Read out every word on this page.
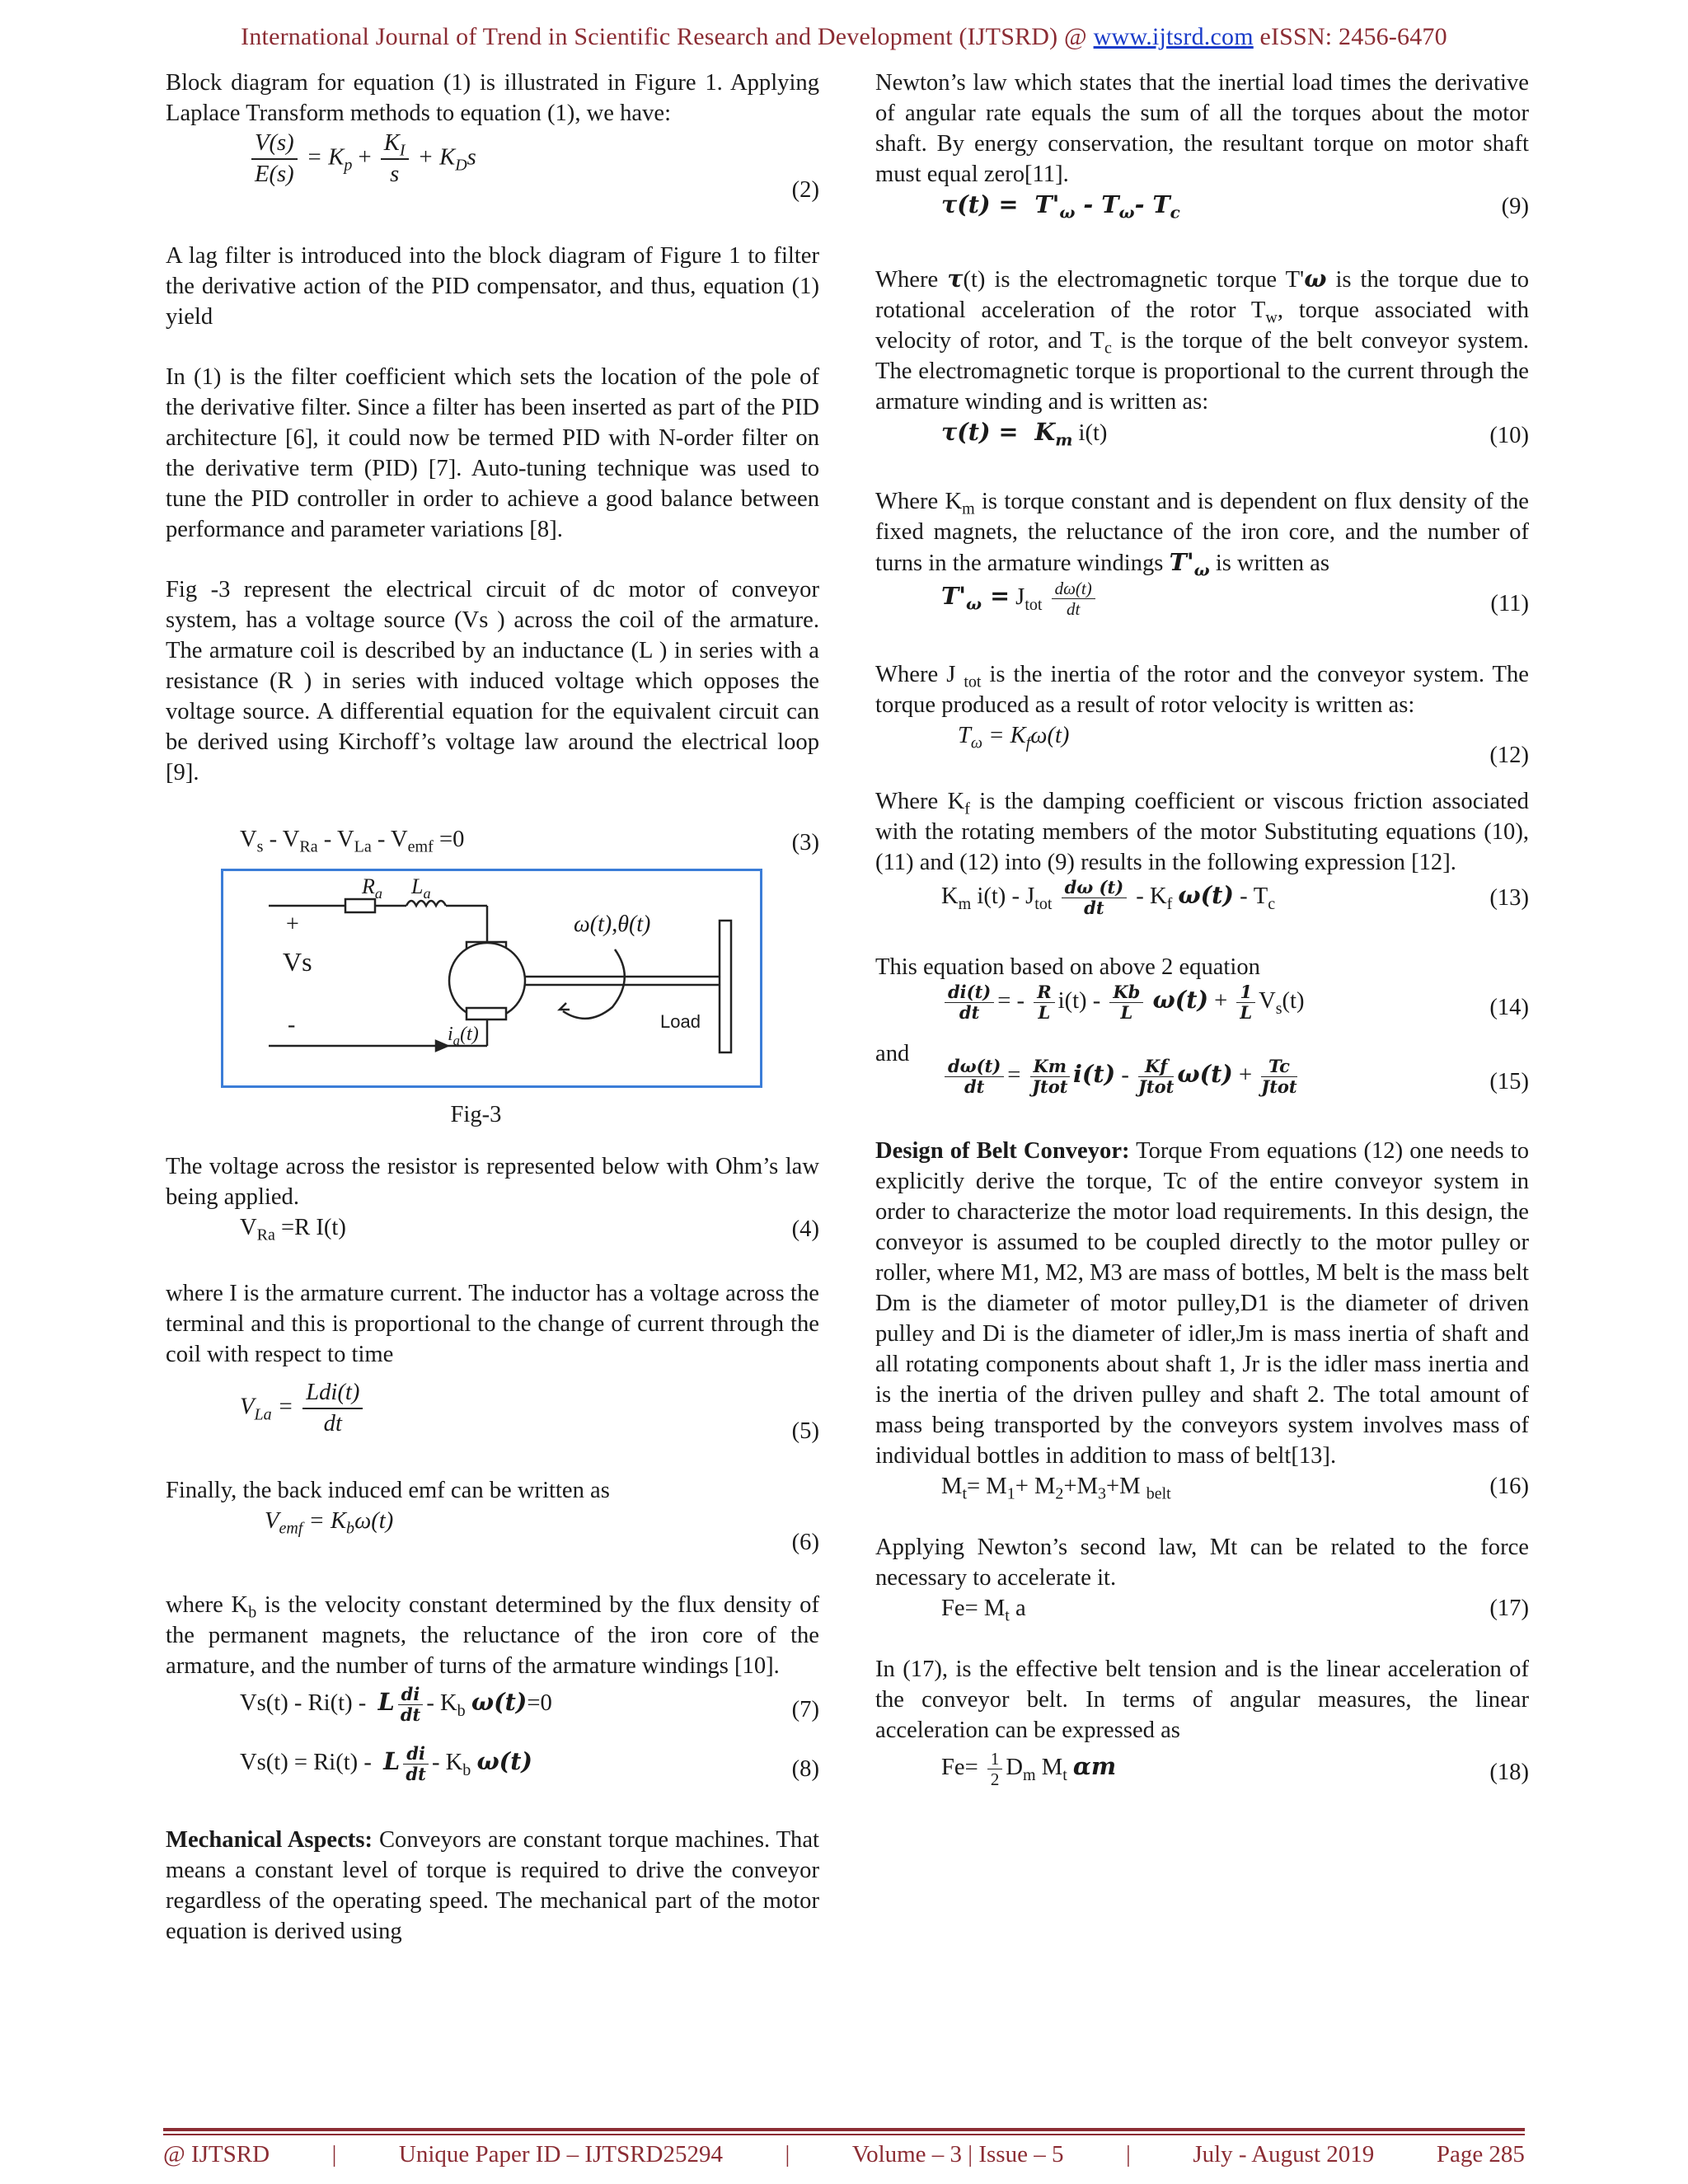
International Journal of Trend in Scientific Research and Development (IJTSRD) @ www.ijtsrd.com eISSN: 2456-6470

Block diagram for equation (1) is illustrated in Figure 1. Applying Laplace Transform methods to equation (1), we have:

$\frac{V(s)}{E(s)} = K_p + \frac{K_I}{s} + K_Ds$
(2)

A lag filter is introduced into the block diagram of Figure 1 to filter the derivative action of the PID compensator, and thus, equation (1) yield

In (1) is the filter coefficient which sets the location of the pole of the derivative filter. Since a filter has been inserted as part of the PID architecture [6], it could now be termed PID with N-order filter on the derivative term (PID) [7]. Auto-tuning technique was used to tune the PID controller in order to achieve a good balance between performance and parameter variations [8].

Fig -3 represent the electrical circuit of dc motor of conveyor system, has a voltage source (Vs ) across the coil of the armature. The armature coil is described by an inductance (L ) in series with a resistance (R ) in series with induced voltage which opposes the voltage source. A differential equation for the equivalent circuit can be derived using Kirchoff’s voltage law around the electrical loop [9].

$V_s - V_{Ra} - V_{La} - V_{emf} =0$	(3)
$R_a$ $L_a$
+
Vs
-
ω(t),θ(t)
$i_a(t)$
Load
Fig-3

The voltage across the resistor is represented below with Ohm’s law being applied.

$V_{Ra} =R$ I(t)	(4)

where I is the armature current. The inductor has a voltage across the terminal and this is proportional to the change of current through the coil with respect to time

$V_{La} = \frac{\text{Ldi(t)}}{dt}$	(5)

Finally, the back induced emf can be written as

$V_{emf} = K_b\omega(t)$
(6)

where $K_b$ is the velocity constant determined by the flux density of the permanent magnets, the reluctance of the iron core of the armature, and the number of turns of the armature windings [10].

Vs(t) - Ri(t) -  L $\frac{di}{dt} - K_b$ ω(t)=0	(7)
Vs(t) = Ri(t) -  L $\frac{di}{dt} - K_b$ ω(t)	(8)

Mechanical Aspects: Conveyors are constant torque machines. That means a constant level of torque is required to drive the conveyor regardless of the operating speed. The mechanical part of the motor equation is derived using

Newton’s law which states that the inertial load times the derivative of angular rate equals the sum of all the torques about the motor shaft. By energy conservation, the resultant torque on motor shaft must equal zero[11].

$\tau(t) = T'_\omega - T_\omega-$ $T_c$	(9)

Where τ(t) is the electromagnetic torque T'ω is the torque due to rotational acceleration of the rotor $T_w$, torque associated with velocity of rotor, and $T_c$ is the torque of the belt conveyor system. The electromagnetic torque is proportional to the current through the armature winding and is written as:

$\tau(t) = K_m$ i(t)	(10)

Where $K_m$ is torque constant and is dependent on flux density of the fixed magnets, the reluctance of the iron core, and the number of turns in the armature windings $T'_\omega$ is written as

$T'_\omega = J_{tot} \frac{d\omega(t)}{dt}$	(11)

Where J $_{tot}$ is the inertia of the rotor and the conveyor system. The torque produced as a result of rotor velocity is written as:

$T_\omega = K_f\omega(t)$
(12)

Where $K_f$ is the damping coefficient or viscous friction associated with the rotating members of the motor Substituting equations (10), (11) and (12) into (9) results in the following expression [12].

$K_m$ $i(t) - J_{tot} \frac{d\omega (t)}{dt} - K_f$ $\omega(t) - T_c$	(13)

This equation based on above 2 equation

$\frac{di(t)}{dt}$ = - $\frac{R}{L} i(t) - \frac{Kb}{L} \omega(t) + \frac{1}{L} V_s(t)$	(14)
and
$\frac{d\omega(t)}{dt} = \frac{Km}{\text{Jtot}} i(t) - \frac{Kf}{\text{Jtot}} \omega(t) + \frac{Tc}{\text{Jtot}}$	(15)

Design of Belt Conveyor: Torque From equations (12) one needs to explicitly derive the torque, Tc of the entire conveyor system in order to characterize the motor load requirements. In this design, the conveyor is assumed to be coupled directly to the motor pulley or roller, where M1, M2, M3 are mass of bottles, M belt is the mass belt Dm is the diameter of motor pulley,D1 is the diameter of driven pulley and Di is the diameter of idler,Jm is mass inertia of shaft and all rotating components about shaft 1, Jr is the idler mass inertia and is the inertia of the driven pulley and shaft 2. The total amount of mass being transported by the conveyors system involves mass of individual bottles in addition to mass of belt[13].

$M_t= M_1+ M_2+M_3+M$ $_{belt}$	(16)

Applying Newton’s second law, Mt can be related to the force necessary to accelerate it.

$Fe= M_t$ a	(17)

In (17), is the effective belt tension and is the linear acceleration of the conveyor belt. In terms of angular measures, the linear acceleration can be expressed as

$Fe= \frac{1}{2} D_m$ $M_t$ αm	(18)
@ IJTSRD	|	Unique Paper ID – IJTSRD25294	|	Volume – 3 | Issue – 5	|	July - August 2019	Page 285
